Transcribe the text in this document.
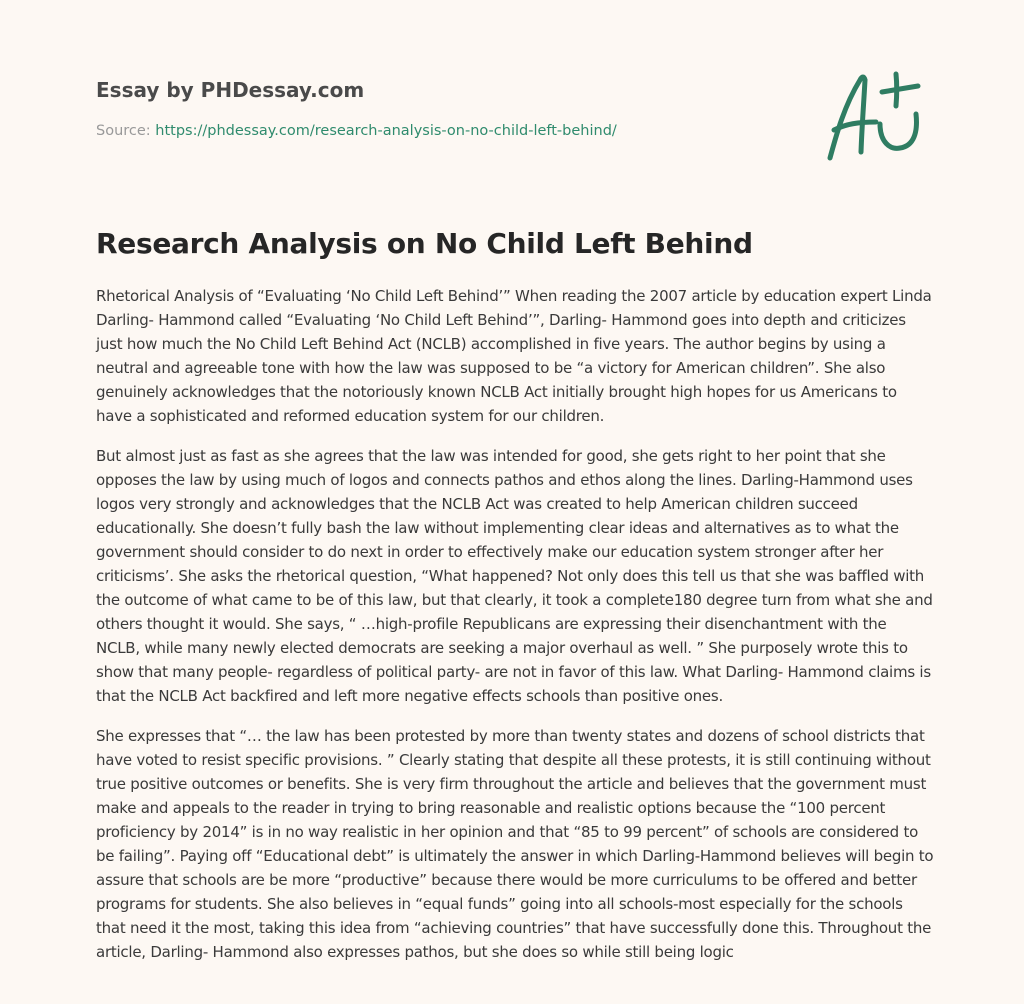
Essay by PHDessay.com
Source: https://phdessay.com/research-analysis-on-no-child-left-behind/
Research Analysis on No Child Left Behind

Rhetorical Analysis of “Evaluating ‘No Child Left Behind’” When reading the 2007 article by education expert Linda Darling- Hammond called “Evaluating ‘No Child Left Behind’”, Darling- Hammond goes into depth and criticizes just how much the No Child Left Behind Act (NCLB) accomplished in five years. The author begins by using a neutral and agreeable tone with how the law was supposed to be “a victory for American children”. She also genuinely acknowledges that the notoriously known NCLB Act initially brought high hopes for us Americans to have a sophisticated and reformed education system for our children.

But almost just as fast as she agrees that the law was intended for good, she gets right to her point that she opposes the law by using much of logos and connects pathos and ethos along the lines. Darling-Hammond uses logos very strongly and acknowledges that the NCLB Act was created to help American children succeed educationally. She doesn’t fully bash the law without implementing clear ideas and alternatives as to what the government should consider to do next in order to effectively make our education system stronger after her criticisms’. She asks the rhetorical question, “What happened? Not only does this tell us that she was baffled with the outcome of what came to be of this law, but that clearly, it took a complete180 degree turn from what she and others thought it would. She says, “ …high-profile Republicans are expressing their disenchantment with the NCLB, while many newly elected democrats are seeking a major overhaul as well. ” She purposely wrote this to show that many people- regardless of political party- are not in favor of this law. What Darling- Hammond claims is that the NCLB Act backfired and left more negative effects schools than positive ones.

She expresses that “… the law has been protested by more than twenty states and dozens of school districts that have voted to resist specific provisions. ” Clearly stating that despite all these protests, it is still continuing without true positive outcomes or benefits. She is very firm throughout the article and believes that the government must make and appeals to the reader in trying to bring reasonable and realistic options because the “100 percent proficiency by 2014” is in no way realistic in her opinion and that “85 to 99 percent” of schools are considered to be failing”. Paying off “Educational debt” is ultimately the answer in which Darling-Hammond believes will begin to assure that schools are be more “productive” because there would be more curriculums to be offered and better programs for students. She also believes in “equal funds” going into all schools-most especially for the schools that need it the most, taking this idea from “achieving countries” that have successfully done this. Throughout the article, Darling- Hammond also expresses pathos, but she does so while still being logic
